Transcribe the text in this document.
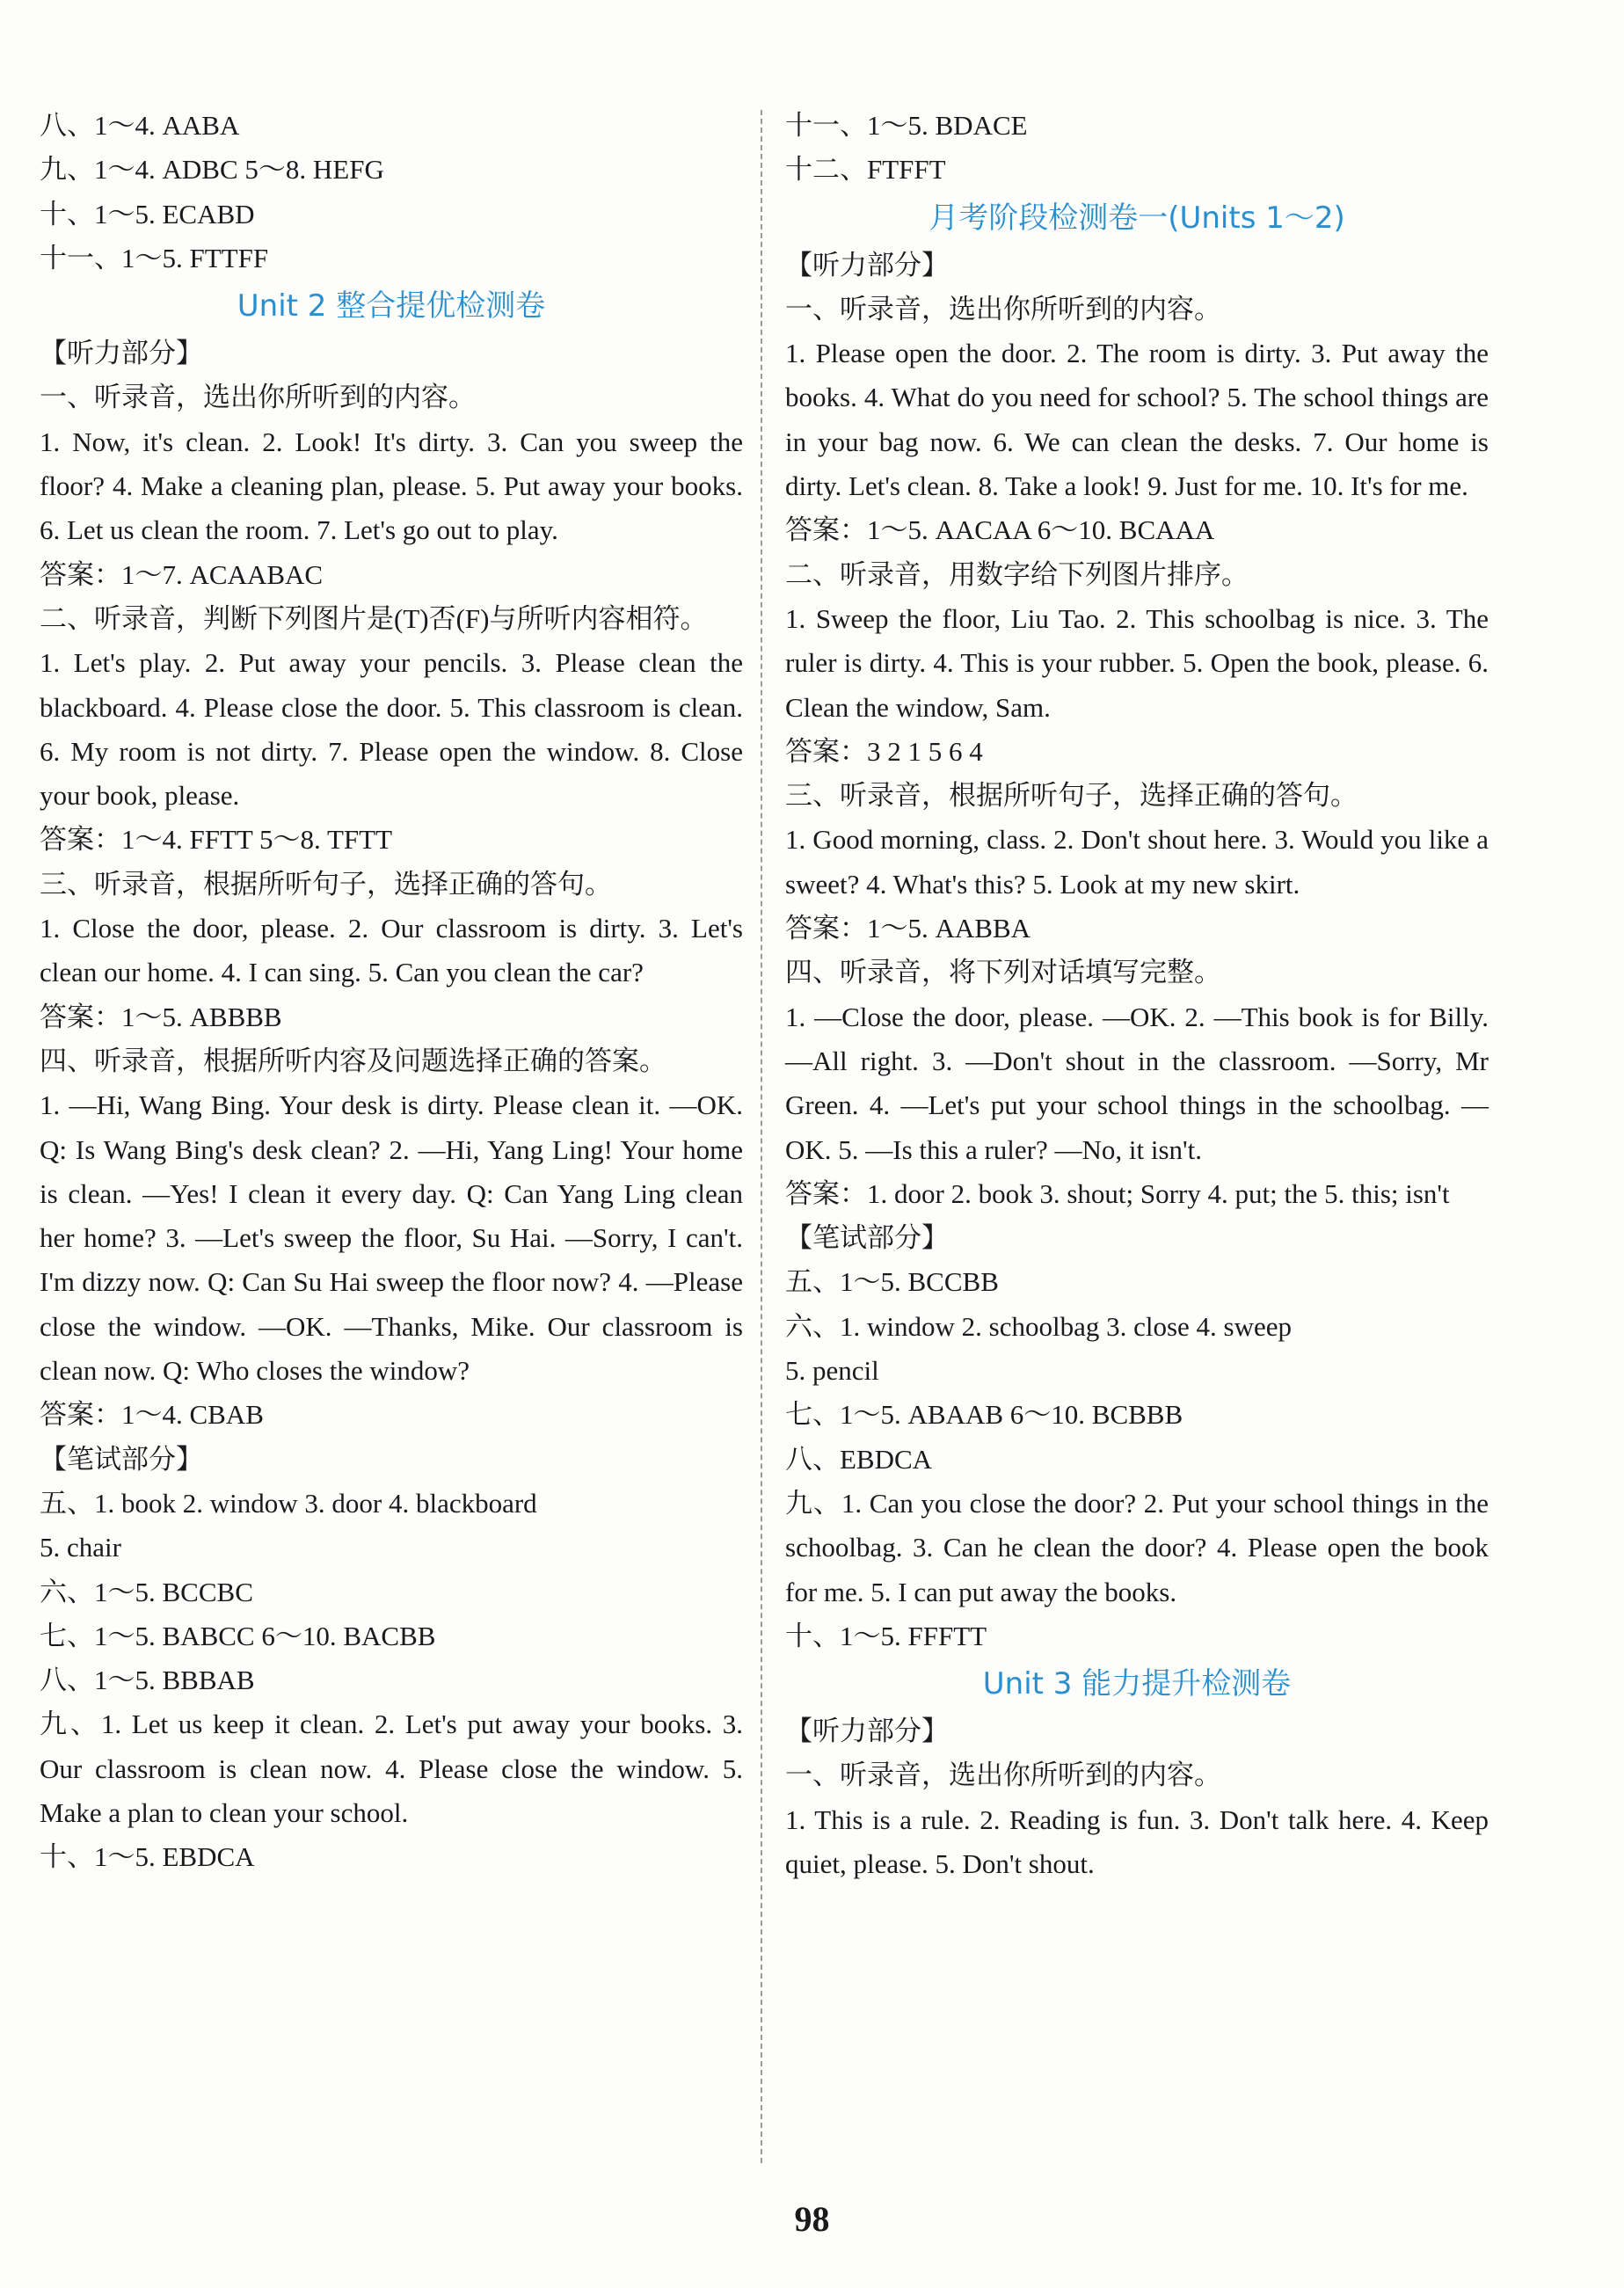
八、1～4. AABA
九、1～4. ADBC 5～8. HEFG
十、1～5. ECABD
十一、1～5. FTTFF
Unit 2 整合提优检测卷
【听力部分】
一、听录音，选出你所听到的内容。
1. Now, it's clean. 2. Look! It's dirty. 3. Can you sweep the floor? 4. Make a cleaning plan, please. 5. Put away your books. 6. Let us clean the room. 7. Let's go out to play.
答案：1～7. ACAABAC
二、听录音，判断下列图片是(T)否(F)与所听内容相符。
1. Let's play. 2. Put away your pencils. 3. Please clean the blackboard. 4. Please close the door. 5. This classroom is clean. 6. My room is not dirty. 7. Please open the window. 8. Close your book, please.
答案：1～4. FFTT 5～8. TFTT
三、听录音，根据所听句子，选择正确的答句。
1. Close the door, please. 2. Our classroom is dirty. 3. Let's clean our home. 4. I can sing. 5. Can you clean the car?
答案：1～5. ABBBB
四、听录音，根据所听内容及问题选择正确的答案。
1. —Hi, Wang Bing. Your desk is dirty. Please clean it. —OK. Q: Is Wang Bing's desk clean? 2. —Hi, Yang Ling! Your home is clean. —Yes! I clean it every day. Q: Can Yang Ling clean her home? 3. —Let's sweep the floor, Su Hai. —Sorry, I can't. I'm dizzy now. Q: Can Su Hai sweep the floor now? 4. —Please close the window. —OK. —Thanks, Mike. Our classroom is clean now. Q: Who closes the window?
答案：1～4. CBAB
【笔试部分】
五、1. book 2. window 3. door 4. blackboard
5. chair
六、1～5. BCCBC
七、1～5. BABCC 6～10. BACBB
八、1～5. BBBAB
九、1. Let us keep it clean. 2. Let's put away your books. 3. Our classroom is clean now. 4. Please close the window. 5. Make a plan to clean your school.
十、1～5. EBDCA
十一、1～5. BDACE
十二、FTFFT
月考阶段检测卷一(Units 1～2)
【听力部分】
一、听录音，选出你所听到的内容。
1. Please open the door. 2. The room is dirty. 3. Put away the books. 4. What do you need for school? 5. The school things are in your bag now. 6. We can clean the desks. 7. Our home is dirty. Let's clean. 8. Take a look! 9. Just for me. 10. It's for me.
答案：1～5. AACAA 6～10. BCAAA
二、听录音，用数字给下列图片排序。
1. Sweep the floor, Liu Tao. 2. This schoolbag is nice. 3. The ruler is dirty. 4. This is your rubber. 5. Open the book, please. 6. Clean the window, Sam.
答案：3 2 1 5 6 4
三、听录音，根据所听句子，选择正确的答句。
1. Good morning, class. 2. Don't shout here. 3. Would you like a sweet? 4. What's this? 5. Look at my new skirt.
答案：1～5. AABBA
四、听录音，将下列对话填写完整。
1. —Close the door, please. —OK. 2. —This book is for Billy. —All right. 3. —Don't shout in the classroom. —Sorry, Mr Green. 4. —Let's put your school things in the schoolbag. —OK. 5. —Is this a ruler? —No, it isn't.
答案：1. door 2. book 3. shout; Sorry 4. put; the 5. this; isn't
【笔试部分】
五、1～5. BCCBB
六、1. window 2. schoolbag 3. close 4. sweep
5. pencil
七、1～5. ABAAB 6～10. BCBBB
八、EBDCA
九、1. Can you close the door? 2. Put your school things in the schoolbag. 3. Can he clean the door? 4. Please open the book for me. 5. I can put away the books.
十、1～5. FFFTT
Unit 3 能力提升检测卷
【听力部分】
一、听录音，选出你所听到的内容。
1. This is a rule. 2. Reading is fun. 3. Don't talk here. 4. Keep quiet, please. 5. Don't shout.
98
